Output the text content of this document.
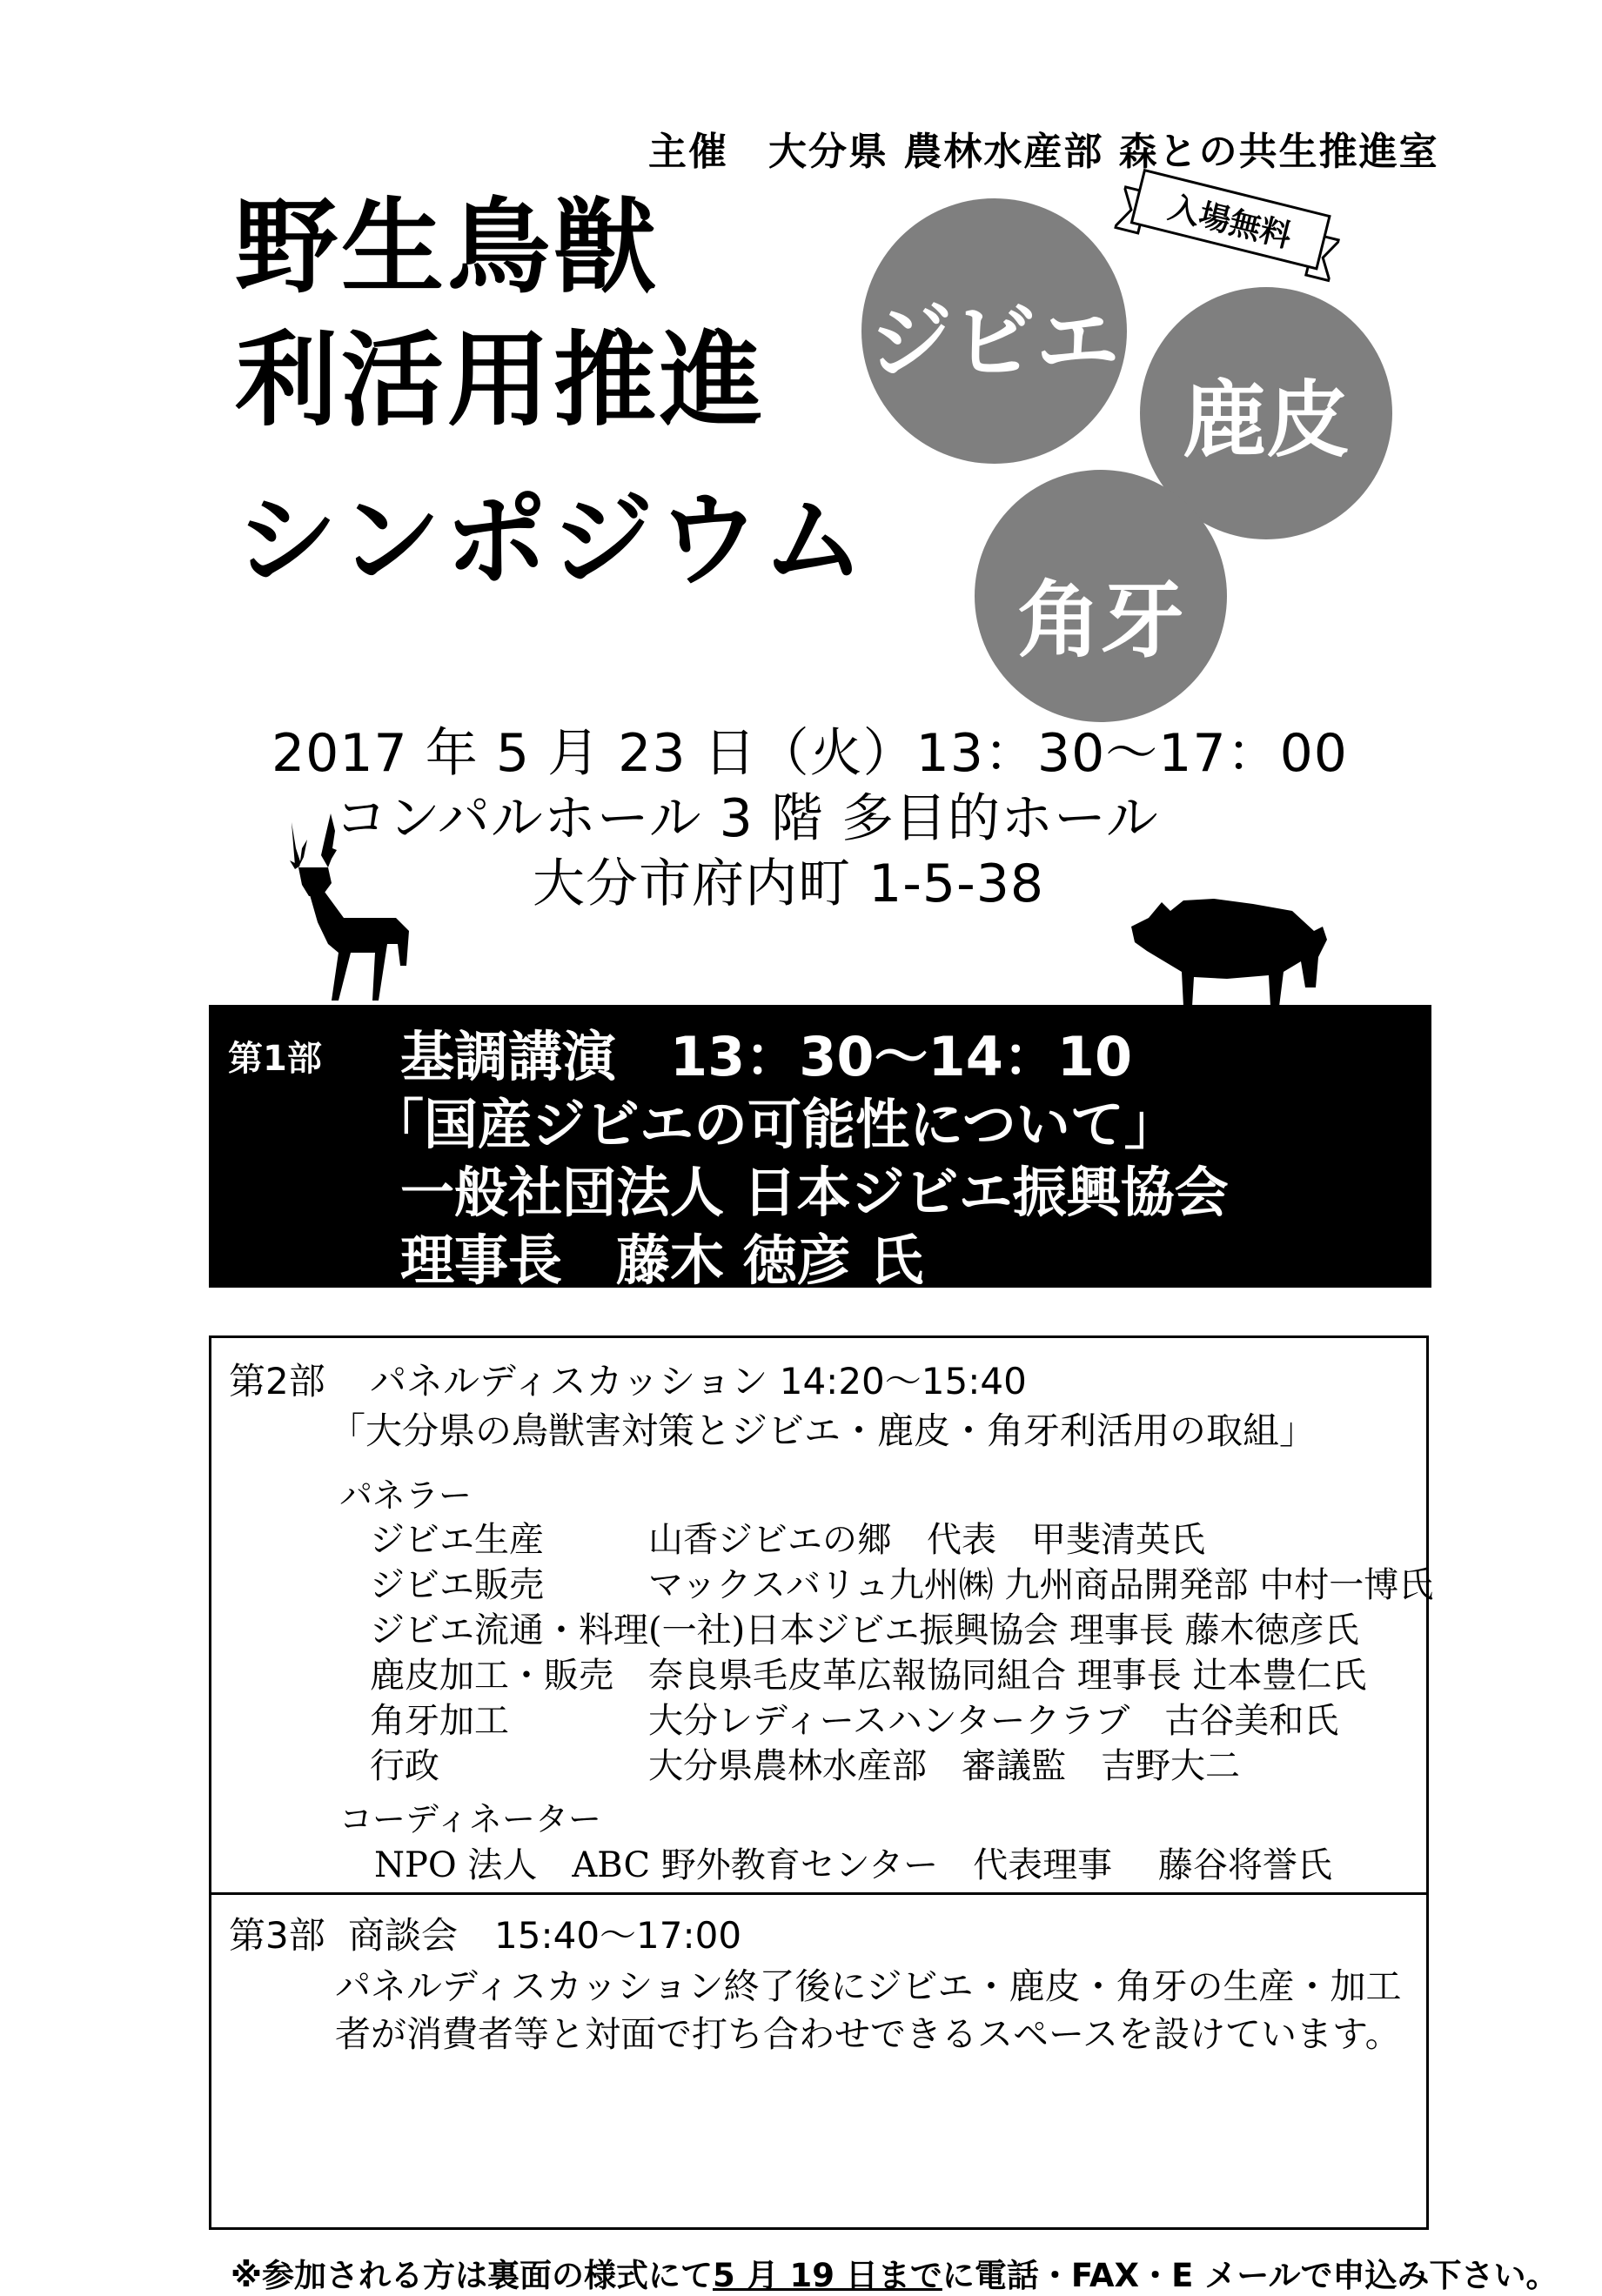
主催　大分県 農林水産部 森との共生推進室
野生鳥獣
利活用推進
シンポジウム
ジビエ
鹿皮
角牙
入場無料
2017 年 5 月 23 日（火）13：30〜17：00
コンパルホール 3 階 多目的ホール
大分市府内町 1-5-38
第1部 基調講演　13：30〜14：10
「国産ジビエの可能性について」
一般社団法人 日本ジビエ振興協会
理事長　藤木 徳彦 氏
第2部 パネルディスカッション 14:20〜15:40
「大分県の鳥獣害対策とジビエ・鹿皮・角牙利活用の取組」
パネラー
ジビエ生産	山香ジビエの郷　代表　甲斐清英氏
ジビエ販売	マックスバリュ九州㈱ 九州商品開発部 中村一博氏
ジビエ流通・料理 (一社)日本ジビエ振興協会 理事長 藤木徳彦氏
鹿皮加工・販売 奈良県毛皮革広報協同組合 理事長 辻本豊仁氏
角牙加工	大分レディースハンタークラブ　古谷美和氏
行政	大分県農林水産部　審議監　吉野大二
コーディネーター
NPO 法人　ABC 野外教育センター　代表理事　 藤谷将誉氏
第3部 商談会　15:40〜17:00
パネルディスカッション終了後にジビエ・鹿皮・角牙の生産・加工
者が消費者等と対面で打ち合わせできるスペースを設けています。
※参加される方は裏面の様式にて5 月 19 日までに電話・FAX・E メールで申込み下さい。
